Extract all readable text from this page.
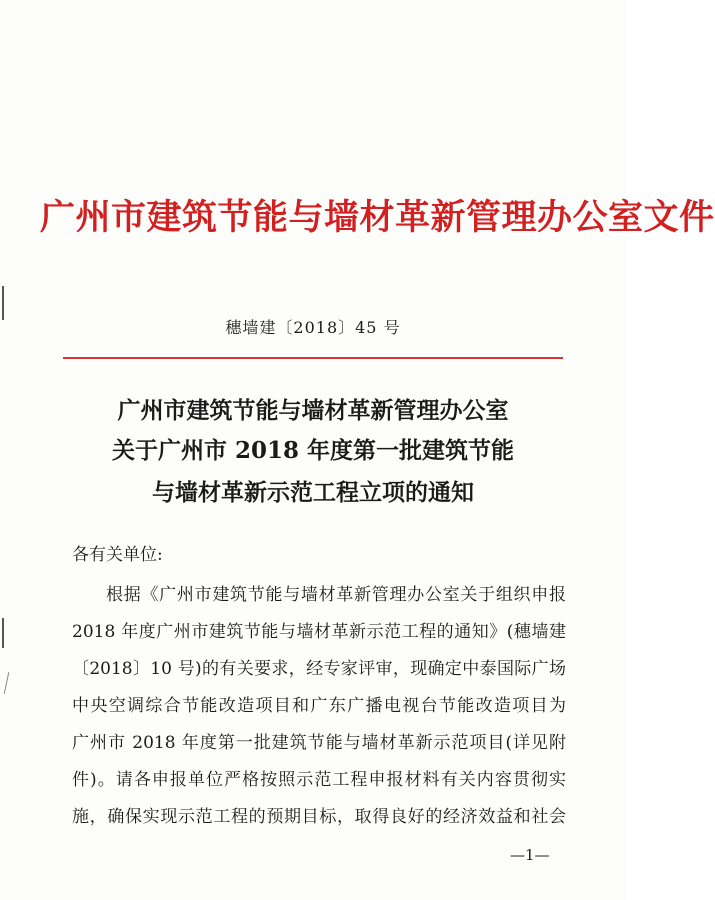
广州市建筑节能与墙材革新管理办公室文件
穗墙建〔2018〕45 号
广州市建筑节能与墙材革新管理办公室
关于广州市 2018 年度第一批建筑节能
与墙材革新示范工程立项的通知
各有关单位:
根据《广州市建筑节能与墙材革新管理办公室关于组织申报
2018 年度广州市建筑节能与墙材革新示范工程的通知》(穗墙建
〔2018〕10 号)的有关要求，经专家评审，现确定中泰国际广场
中央空调综合节能改造项目和广东广播电视台节能改造项目为
广州市 2018 年度第一批建筑节能与墙材革新示范项目(详见附
件)。请各申报单位严格按照示范工程申报材料有关内容贯彻实
施，确保实现示范工程的预期目标，取得良好的经济效益和社会
—1—
